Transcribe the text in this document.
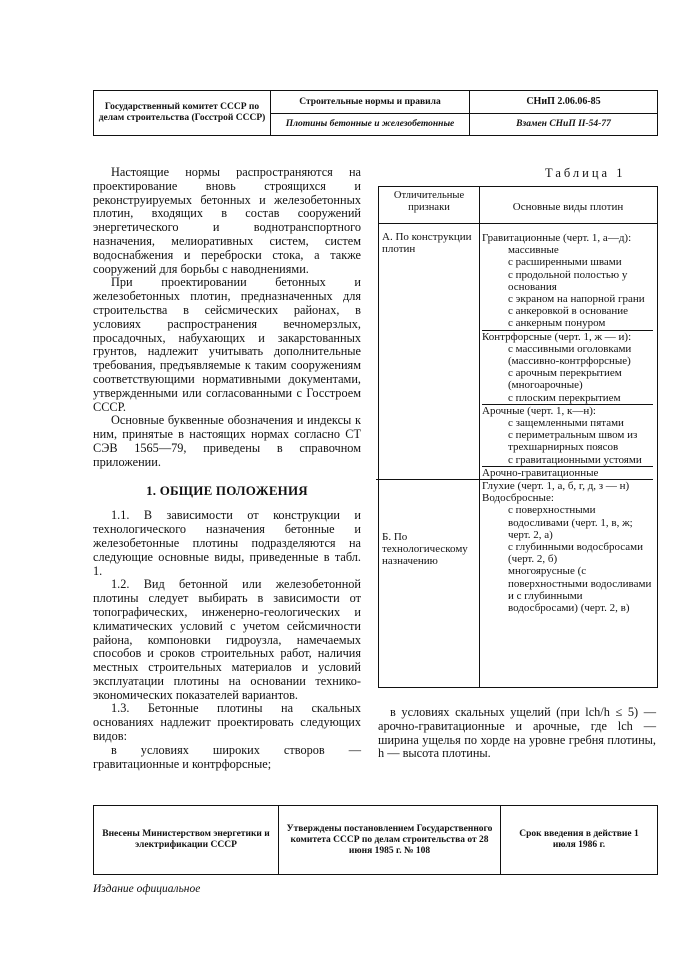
Государственный комитет СССР по делам строительства (Госстрой СССР)
Строительные нормы и правила
Плотины бетонные и железобетонные
СНиП 2.06.06-85
Взамен СНиП II-54-77

Настоящие нормы распространяются на проектирование вновь строящихся и реконструируемых бетонных и железобетонных плотин, входящих в состав сооружений энергетического и воднотранспортного назначения, мелиоративных систем, систем водоснабжения и переброски стока, а также сооружений для борьбы с наводнениями.

При проектировании бетонных и железобетонных плотин, предназначенных для строительства в сейсмических районах, в условиях распространения вечномерзлых, просадочных, набухающих и закарстованных грунтов, надлежит учитывать дополнительные требования, предъявляемые к таким сооружениям соответствующими нормативными документами, утвержденными или согласованными с Госстроем СССР.

Основные буквенные обозначения и индексы к ним, принятые в настоящих нормах согласно СТ СЭВ 1565—79, приведены в справочном приложении.

1. ОБЩИЕ ПОЛОЖЕНИЯ

1.1. В зависимости от конструкции и технологического назначения бетонные и железобетонные плотины подразделяются на следующие основные виды, приведенные в табл. 1.

1.2. Вид бетонной или железобетонной плотины следует выбирать в зависимости от топографических, инженерно-геологических и климатических условий с учетом сейсмичности района, компоновки гидроузла, намечаемых способов и сроков строительных работ, наличия местных строительных материалов и условий эксплуатации плотины на основании технико-экономических показателей вариантов.

1.3. Бетонные плотины на скальных основаниях надлежит проектировать следующих видов:

в условиях широких створов — гравитационные и контрфорсные;

Таблица 1
Отличительные признаки	Основные виды плотин
А. По конструкции плотин
Б. По технологическому назначению
Гравитационные (черт. 1, а—д):
массивные
с расширенными швами
с продольной полостью у основания
с экраном на напорной грани
с анкеровкой в основание
с анкерным понуром
Контрфорсные (черт. 1, ж — и):
с массивными оголовками (массивно-контрфорсные)
с арочным перекрытием (многоарочные)
с плоским перекрытием
Арочные (черт. 1, к—н):
с защемленными пятами
с периметральным швом из трехшарнирных поясов
с гравитационными устоями
Арочно-гравитационные
Глухие (черт. 1, а, б, г, д, з — н)
Водосбросные:
с поверхностными водосливами (черт. 1, в, ж; черт. 2, а)
с глубинными водосбросами (черт. 2, б)
многоярусные (с поверхностными водосливами и с глубинными водосбросами) (черт. 2, в)

в условиях скальных ущелий (при lch/h ≤ 5) — арочно-гравитационные и арочные, где lch — ширина ущелья по хорде на уровне гребня плотины, h — высота плотины.

Внесены Министерством энергетики и электрификации СССР
Утверждены постановлением Государственного комитета СССР по делам строительства от 28 июня 1985 г. № 108
Срок введения в действие 1 июля 1986 г.
Издание официальное
